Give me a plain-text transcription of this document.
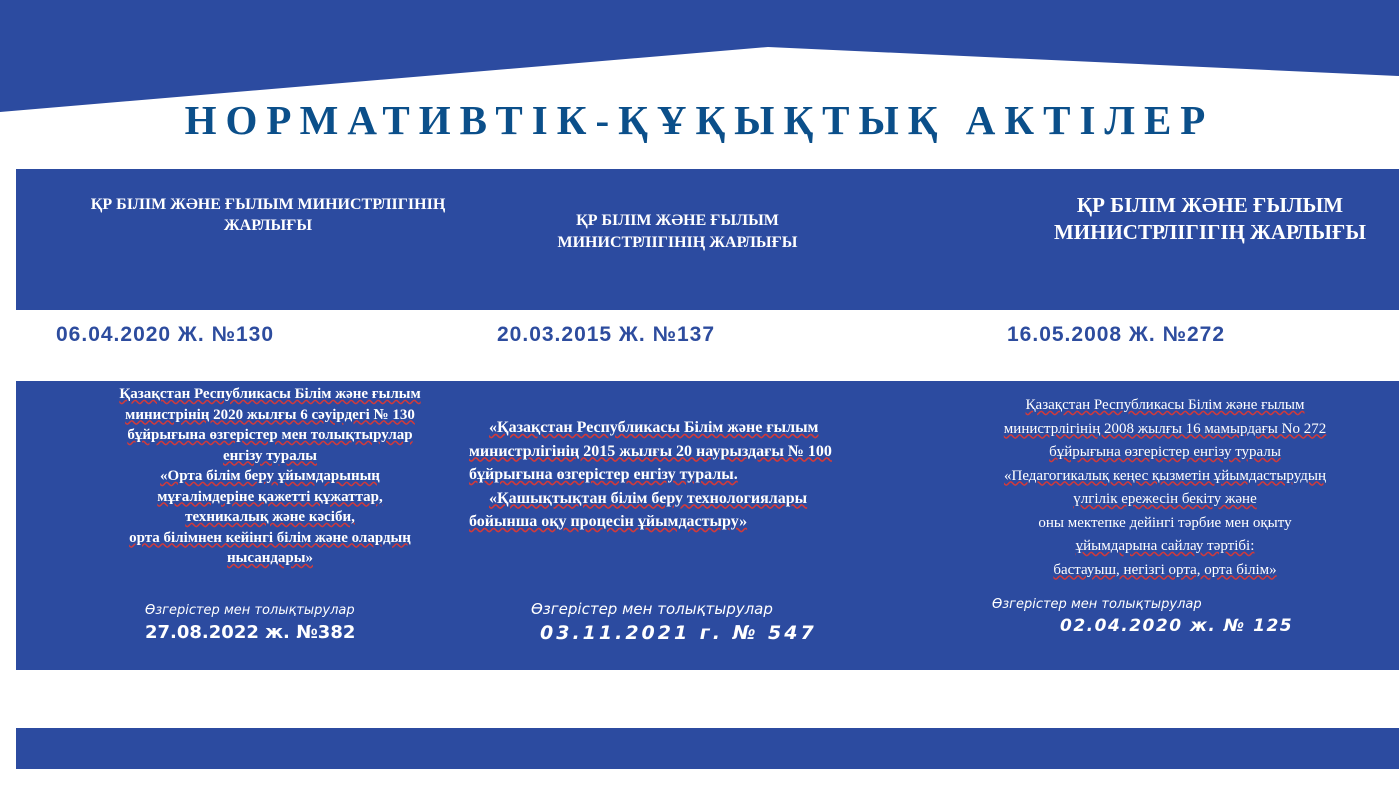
НОРМАТИВТІК-ҚҰҚЫҚТЫҚ АКТІЛЕР
ҚР БІЛІМ ЖӘНЕ ҒЫЛЫМ МИНИСТРЛІГІНІҢ
ЖАРЛЫҒЫ	ҚР БІЛІМ ЖӘНЕ ҒЫЛЫМ
МИНИСТРЛІГІНІҢ ЖАРЛЫҒЫ
ҚР БІЛІМ ЖӘНЕ ҒЫЛЫМ
МИНИСТРЛІГІГІҢ ЖАРЛЫҒЫ
06.04.2020 Ж. №130	20.03.2015 Ж. №137	16.05.2008 Ж. №272
Қазақстан Республикасы Білім және ғылым
министрінің 2020 жылғы 6 сәуірдегі № 130
бұйрығына өзгерістер мен толықтырулар
енгізу туралы
«Орта білім беру ұйымдарының
мұғалімдеріне қажетті құжаттар,
техникалық және кәсіби,
орта білімнен кейінгі білім және олардың
нысандары»
«Қазақстан Республикасы Білім және ғылым
министрлігінің 2015 жылғы 20 наурыздағы № 100
бұйрығына өзгерістер енгізу туралы.
«Қашықтықтан білім беру технологиялары
бойынша оқу процесін ұйымдастыру»
Қазақстан Республикасы Білім және ғылым
министрлігінің 2008 жылғы 16 мамырдағы No 272
бұйрығына өзгерістер енгізу туралы
«Педагогикалық кеңес қызметін ұйымдастырудың
үлгілік ережесін бекіту және
оны мектепке дейінгі тәрбие мен оқыту
ұйымдарына сайлау тәртібі:
бастауыш, негізгі орта, орта білім»
Өзгерістер мен толықтырулар
27.08.2022 ж. №382
Өзгерістер мен толықтырулар
03.11.2021 г. № 547
Өзгерістер мен толықтырулар
02.04.2020 ж. № 125
